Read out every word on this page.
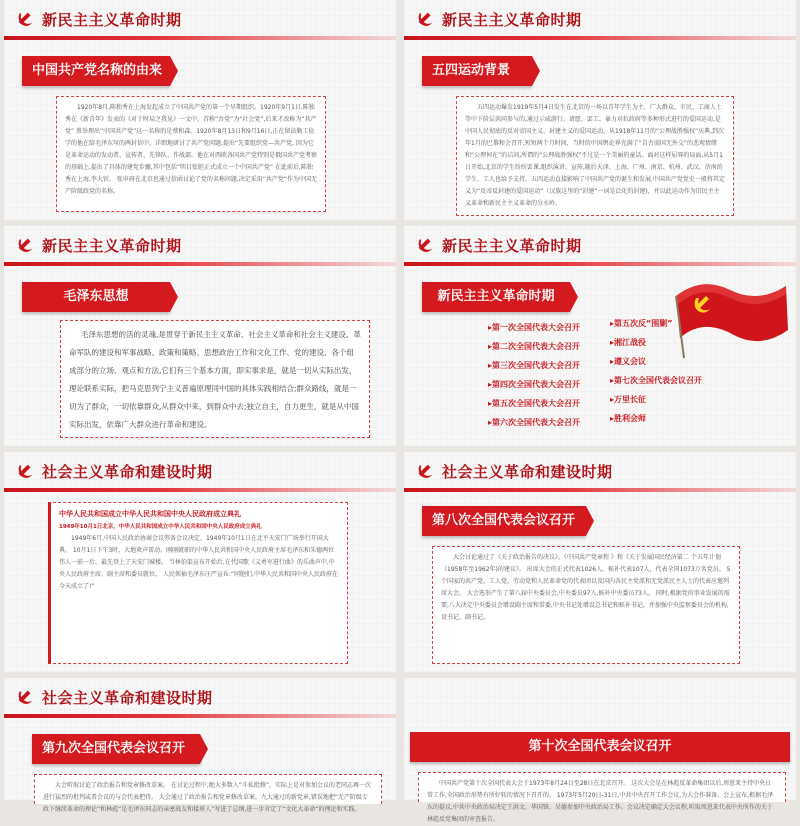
新民主主义革命时期
中国共产党名称的由来

1920年8月,陈独秀在上海发起成立了中国共产党的第一个早期组织。1920年9月1日,陈独秀在《新青年》发表的《对于时局之我见》一文中，首称“吾党”为“社会党”,后来才改称为“共产党” 蔡举理出“中国共产党”这一名称的是蔡和森。1920年8月13日和9月16日,正在留法勤工俭学的他在给毛泽东写的两封信中，详细地研讨了共产党问题,提出“先要组织党—共产党, 因为它是革命运动的发动者、宣传者、先锋队、作战部。他在对西欧各国共产党特别是俄国共产党考察的基础上,提出了具体的建党步骤,其中包括“明目张胆正式成立一个中国共产党” 在此前后,陈独秀在上海,李大钊、 张申府在北京也通过信函讨论了党的名称问题,决定采用“共产党”作为中国无产阶级政党的名称。

新民主主义革命时期
五四运动背景

五四运动爆发1919年5月4日发生在北京的一场以青年学生为主，广大群众、市民、工商人士等中下阶层共同参与的,通过示威游行、请愿、罢工、暴力对抗政府等多种形式进行的爱国运动,是中国人民彻底的反对帝国主义、封建主义的爱国运动。从1918年11月的“公理战胜强权”庆典,到次年1月的巴黎和会召开,短短两个月时间，当时的中国舆论界充满了“自古弱国无外交”的悲观情绪和“公理何在”的诘问,所谓的“公理战胜强权”不过是一个美丽的童话。面对这样屈辱的局面,从5月1日开始,北京的学生纷纷罢课,组织演讲、宣传,随后天津、上海、广州、南京、杭州、武汉、济南的学生、工人也给予支持。五四运动直接影响了中国共产党的诞生和发展,中国共产党党史一般将其定义为“反帝反封建的爱国运动”（汉族这里的“封建”一词是泛化的封建)，并以此运动作为旧民主主义革命和新民主主义革命的分水岭。

新民主主义革命时期
毛泽东思想

毛泽东思想的活的灵魂,是贯穿于新民主主义革命、社会主义革命和社会主义建设、革命军队的建设和军事战略、政策和策略、思想政治工作和文化工作、党的建设、各个组成部分的立场、观点和方法,它们有三个基本方面，即实事求是，就是一切从实际出发，理论联系实际，把马克思列宁主义普遍原理同中国的具体实践相结合;群众路线，就是一切为了群众，一切依靠群众,从群众中来，到群众中去;独立自主，自力更生，就是从中国实际出发，依靠广大群众进行革命和建设。

新民主主义革命时期
新民主主义革命时期
▸ 第一次全国代表大会召开
▸ 第二次全国代表大会召开
▸ 第三次全国代表大会召开
▸ 第四次全国代表大会召开
▸ 第五次全国代表大会召开
▸ 第六次全国代表大会召开
▸ 第五次反“围剿”
▸ 湘江战役
▸ 遵义会议
▸ 第七次全国代表会议召开
▸ 万里长征
▸ 胜利会师
社会主义革命和建设时期
中华人民共和国成立中华人民共和国中央人民政府成立典礼
1949年10月1日北京，中华人民共和国成立中华人民共和国中央人民政府成立典礼

1949年6月,中国人民政治协商会议筹备会议决定，1949年10月1日在北平天安门广场举行开国大典。 10月1日下午3时，大地欢声雷动。刚刚就职的中华人民共和国中央人民政府主席毛泽东和朱德两位伟人一前一后，最先登上了天安门城楼。 当林伯渠宣布开始后,在代国歌《义勇军进行曲》的乐曲声中,中央人民政府主席、副主席和委员就位。 人民领袖毛泽东庄严宣布:“同胞们,中华人民共和国中央人民政府在今天成立了!”

社会主义革命和建设时期
第八次全国代表会议召开

大会讨论通过了《关于政治报告的决议》、《中国共产党章程 》和《关于发展国民经济第二 个五年计划（1958年至1962年)的建议》。 出席大会的正式代表1026人，候补代表107人，代表全国1073万名党员。 5个国家的共产党、工人党、劳动党和人民革命党的代表团以及国内各民主党派和无党派民主人士的代表应邀列席大会。 大会选举产生了第八届中央委员会,中央委员97人,候补中央委员73人。 同时,根据党的事业发展的需要,八大决定中央委员会增设副主席和常委,中央书记处增设总书记和候补书记，并加强中央监察委员会的机构,设书记、副书记。

社会主义革命和建设时期
第九次全国代表会议召开

大会听取讨论了政治报告和党章修改草案。 在讨论过程中,绝大多数人“斗私批修”，实际上是对参加会议的老同志再一次进行猛烈的批判或者会议的与会代表把持。 大会通过了政治报告和党章修改草案。九大通过的新党章,错误地把“无产阶级专政下继续革命的理论”和林彪“是毛泽东同志的亲密战友和接班人”写进了总纲,进一步肯定了“文化大革命”的理论和实践。

第十次全国代表会议召开

中国共产党第十次全国代表大会于1973年8月24日至28日在北京召开。 这次大会是在林彪反革命集团以后,周恩来主持中央日常工作,全国政治形势有所好转的情况下召开的。 1973年5月20日-31日,中共中央召开工作会议,为大会作准备。会上宣布,根据毛泽东的提议,中共中央政治局决定王洪文、华国锋、吴德参加中央政治局工作。会议决定确定大会议程,听取周恩来代表中央所作的关于林彪反党集团的审查报告。
